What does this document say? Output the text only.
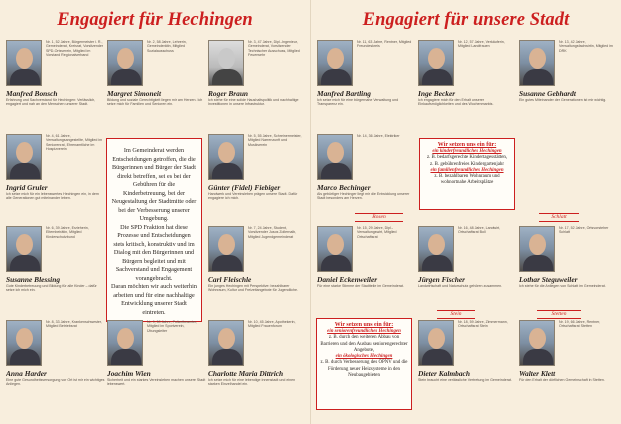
Engagiert für Hechingen
Nr. 1, 52 Jahre, Bürgermeister i. R., Gemeinderat, Kreisrat, Vorsitzender SPD-Ortsverein, Mitglied im Vorstand Regionalverband
Manfred Bonsch
Erfahrung und Sachverstand für Hechingen: Verlässlich, engagiert und nah an den Menschen unserer Stadt.
Nr. 2, 58 Jahre, Lehrerin, Gemeinderätin, Mitglied Sozialausschuss
Margret Simoneit
Bildung und soziale Gerechtigkeit liegen mir am Herzen. Ich setze mich für Familien und Senioren ein.
Nr. 3, 47 Jahre, Dipl.-Ingenieur, Gemeinderat, Vorsitzender Technischer Ausschuss, Mitglied Feuerwehr
Roger Braun
Ich stehe für eine solide Haushaltspolitik und nachhaltige Investitionen in unsere Infrastruktur.
Nr. 4, 61 Jahre, Verwaltungsangestellte, Mitglied im Seniorenrat, Ehrenamtliche im Hospizverein
Ingrid Gruler
Ich setze mich für ein lebenswertes Hechingen ein, in dem alle Generationen gut miteinander leben.

Im Gemeinderat werden Entscheidungen getroffen, die die Bürgerinnen und Bürger der Stadt direkt betreffen, sei es bei der Gebühren für die Kinderbetreuung, bei der Neugestaltung der Stadtmitte oder bei der Verbesserung unserer Umgebung.

Die SPD Fraktion hat diese Prozesse und Entscheidungen stets kritisch, konstruktiv und im Dialog mit den Bürgerinnen und Bürgern begleitet und mit Sachverstand und Engagement vorangebracht.

Daran möchten wir auch weiterhin arbeiten und für eine nachhaltige Entwicklung unserer Stadt eintreten.

Nr. 5, 55 Jahre, Schreinermeister, Mitglied Narrenzunft und Musikverein
Günter (Fidel) Fiebiger
Handwerk und Vereinsleben prägen unsere Stadt. Dafür engagiere ich mich.
Nr. 6, 39 Jahre, Erzieherin, Elternbeirätin, Mitglied Kinderschutzbund
Susanne Blessing
Gute Kinderbetreuung und Bildung für alle Kinder – dafür setze ich mich ein.
Nr. 7, 24 Jahre, Student, Vorsitzender Jusos Zollernalb, Mitglied Jugendgemeinderat
Carl Fleischle
Ein junges Hechingen mit Perspektive: bezahlbarer Wohnraum, Kultur und Freizeitangebote für Jugendliche.
Nr. 8, 33 Jahre, Krankenschwester, Mitglied Betriebsrat
Anna Harder
Eine gute Gesundheitsversorgung vor Ort ist mir ein wichtiges Anliegen.
Nr. 9, 50 Jahre, Polizeibeamter, Mitglied im Sportverein, Übungsleiter
Joachim Wien
Sicherheit und ein starkes Vereinsleben machen unsere Stadt lebenswert.
Nr. 10, 45 Jahre, Apothekerin, Mitglied Frauenforum
Charlotte Maria Dittrich
Ich setze mich für eine lebendige Innenstadt und einen starken Einzelhandel ein.
Engagiert für unsere Stadt
Nr. 11, 63 Jahre, Rentner, Mitglied Freundeskreis
Manfred Bartling
Ich setze mich für eine bürgernahe Verwaltung und Transparenz ein.
Nr. 12, 57 Jahre, Verkäuferin, Mitglied Landfrauen
Inge Becker
Ich engagiere mich für den Erhalt unserer Einkaufsmöglichkeiten und des Wochenmarkts.
Nr. 13, 42 Jahre, Verwaltungsfachwirtin, Mitglied im DRK
Susanne Gebhardt
Ein gutes Miteinander der Generationen ist mir wichtig.
Nr. 14, 36 Jahre, Elektriker
Marco Bechinger
Als gebürtiger Hechinger liegt mir die Entwicklung unserer Stadt besonders am Herzen.
Wir setzen uns ein für:
ein kinderfreundliches Hechingen
z. B. bedarfsgerechte Kindertagesstätten,
z. B. gebührenfreies Kindergartenjahr
ein familienfreundliches Hechingen
z. B. bezahlbaren Wohnraum und wohnortnahe Arbeitsplätze
Rosen	Schlatt
Nr. 15, 29 Jahre, Dipl.-Verwaltungswirt, Mitglied Ortschaftsrat
Daniel Eckenweiler
Für eine starke Stimme der Stadtteile im Gemeinderat.
Nr. 16, 48 Jahre, Landwirt, Ortschaftsrat Boll
Jürgen Fischer
Landwirtschaft und Naturschutz gehören zusammen.
Nr. 17, 52 Jahre, Ortsvorsteher Schlatt
Lothar Steguweiler
Ich stehe für die Anliegen von Schlatt im Gemeinderat.
Stein	Stetten
Wir setzen uns ein für:
ein seniorenfreundliches Hechingen
z. B. durch den weiteren Abbau von Barrieren und den Ausbau seniorengerechter Angebote,
ein ökologisches Hechingen
z. B. durch Verbesserung des ÖPNV und die Förderung neuer Heizsysteme in den Neubaugebieten
Nr. 18, 59 Jahre, Zimmermann, Ortschaftsrat Stein
Dieter Kalmbach
Stein braucht eine verlässliche Vertretung im Gemeinderat.
Nr. 19, 66 Jahre, Rentner, Ortschaftsrat Stetten
Walter Klett
Für den Erhalt der dörflichen Gemeinschaft in Stetten.
